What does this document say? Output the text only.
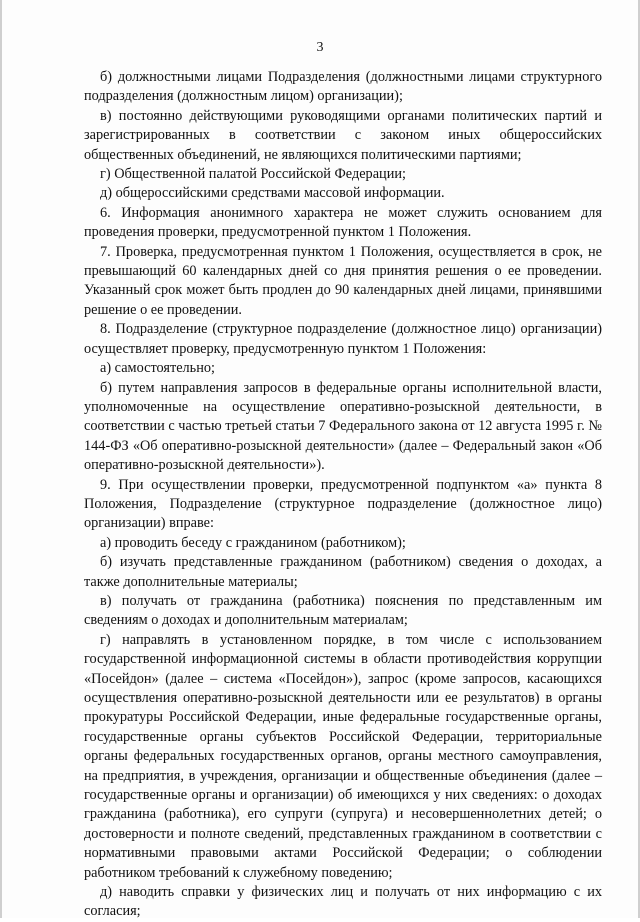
3

б) должностными лицами Подразделения (должностными лицами структурного подразделения (должностным лицом) организации);

в) постоянно действующими руководящими органами политических партий и зарегистрированных в соответствии с законом иных общероссийских общественных объединений, не являющихся политическими партиями;

г) Общественной палатой Российской Федерации;

д) общероссийскими средствами массовой информации.

6. Информация анонимного характера не может служить основанием для проведения проверки, предусмотренной пунктом 1 Положения.

7. Проверка, предусмотренная пунктом 1 Положения, осуществляется в срок, не превышающий 60 календарных дней со дня принятия решения о ее проведении. Указанный срок может быть продлен до 90 календарных дней лицами, принявшими решение о ее проведении.

8. Подразделение (структурное подразделение (должностное лицо) организации) осуществляет проверку, предусмотренную пунктом 1 Положения:

а) самостоятельно;

б) путем направления запросов в федеральные органы исполнительной власти, уполномоченные на осуществление оперативно-розыскной деятельности, в соответствии с частью третьей статьи 7 Федерального закона от 12 августа 1995 г. № 144-ФЗ «Об оперативно-розыскной деятельности» (далее – Федеральный закон «Об оперативно-розыскной деятельности»).

9. При осуществлении проверки, предусмотренной подпунктом «а» пункта 8 Положения, Подразделение (структурное подразделение (должностное лицо) организации) вправе:

а) проводить беседу с гражданином (работником);

б) изучать представленные гражданином (работником) сведения о доходах, а также дополнительные материалы;

в) получать от гражданина (работника) пояснения по представленным им сведениям о доходах и дополнительным материалам;

г) направлять в установленном порядке, в том числе с использованием государственной информационной системы в области противодействия коррупции «Посейдон» (далее – система «Посейдон»), запрос (кроме запросов, касающихся осуществления оперативно-розыскной деятельности или ее результатов) в органы прокуратуры Российской Федерации, иные федеральные государственные органы, государственные органы субъектов Российской Федерации, территориальные органы федеральных государственных органов, органы местного самоуправления, на предприятия, в учреждения, организации и общественные объединения (далее – государственные органы и организации) об имеющихся у них сведениях: о доходах гражданина (работника), его супруги (супруга) и несовершеннолетних детей; о достоверности и полноте сведений, представленных гражданином в соответствии с нормативными правовыми актами Российской Федерации; о соблюдении работником требований к служебному поведению;

д) наводить справки у физических лиц и получать от них информацию с их согласия;
